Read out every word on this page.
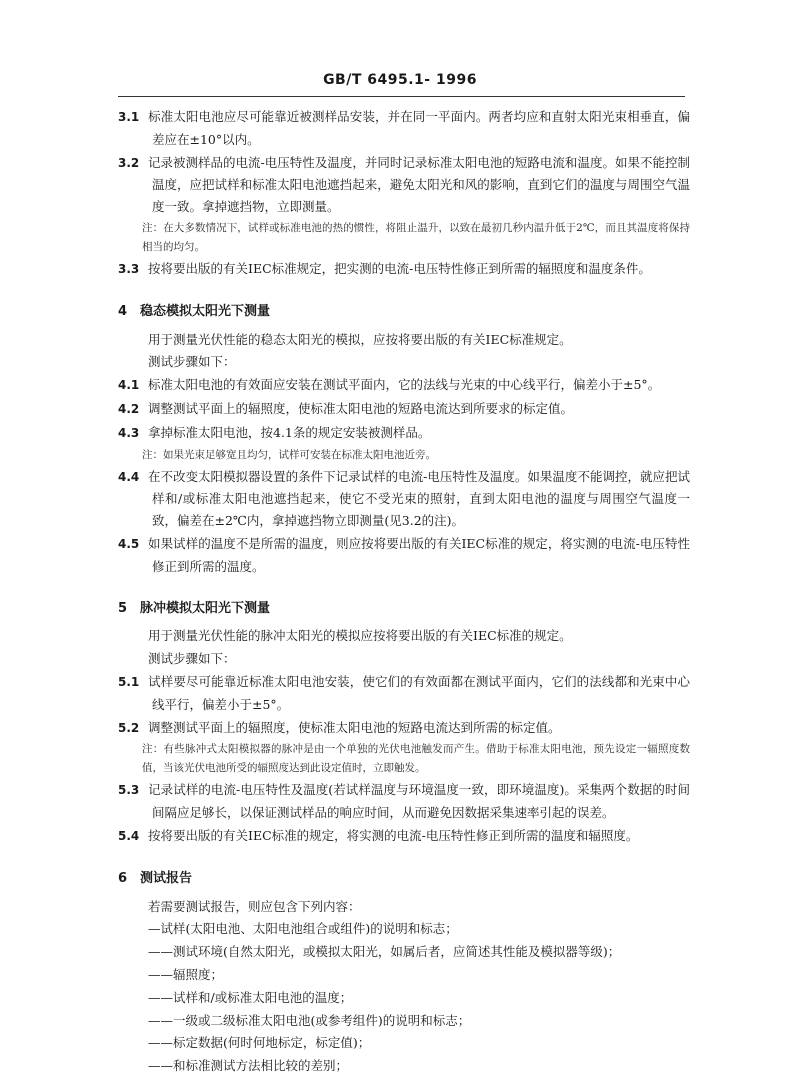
GB/T 6495.1- 1996

3.1 标准太阳电池应尽可能靠近被测样品安装，并在同一平面内。两者均应和直射太阳光束相垂直，偏差应在±10°以内。

3.2 记录被测样品的电流-电压特性及温度，并同时记录标准太阳电池的短路电流和温度。如果不能控制温度，应把试样和标准太阳电池遮挡起来，避免太阳光和风的影响，直到它们的温度与周围空气温度一致。拿掉遮挡物，立即测量。

注：在大多数情况下，试样或标准电池的热的惯性，将阻止温升，以致在最初几秒内温升低于2℃，而且其温度将保持相当的均匀。

3.3 按将要出版的有关IEC标准规定，把实测的电流-电压特性修正到所需的辐照度和温度条件。

4 稳态模拟太阳光下测量

用于测量光伏性能的稳态太阳光的模拟，应按将要出版的有关IEC标准规定。

测试步骤如下：

4.1 标准太阳电池的有效面应安装在测试平面内，它的法线与光束的中心线平行，偏差小于±5°。

4.2 调整测试平面上的辐照度，使标准太阳电池的短路电流达到所要求的标定值。

4.3 拿掉标准太阳电池，按4.1条的规定安装被测样品。

注：如果光束足够宽且均匀，试样可安装在标准太阳电池近旁。

4.4 在不改变太阳模拟器设置的条件下记录试样的电流-电压特性及温度。如果温度不能调控，就应把试样和/或标准太阳电池遮挡起来，使它不受光束的照射，直到太阳电池的温度与周围空气温度一致，偏差在±2℃内，拿掉遮挡物立即测量(见3.2的注)。

4.5 如果试样的温度不是所需的温度，则应按将要出版的有关IEC标准的规定，将实测的电流-电压特性修正到所需的温度。

5 脉冲模拟太阳光下测量

用于测量光伏性能的脉冲太阳光的模拟应按将要出版的有关IEC标准的规定。

测试步骤如下：

5.1 试样要尽可能靠近标准太阳电池安装，使它们的有效面都在测试平面内，它们的法线都和光束中心线平行，偏差小于±5°。

5.2 调整测试平面上的辐照度，使标准太阳电池的短路电流达到所需的标定值。

注：有些脉冲式太阳模拟器的脉冲是由一个单独的光伏电池触发而产生。借助于标准太阳电池，预先设定一辐照度数值，当该光伏电池所受的辐照度达到此设定值时，立即触发。

5.3 记录试样的电流-电压特性及温度(若试样温度与环境温度一致，即环境温度)。采集两个数据的时间间隔应足够长，以保证测试样品的响应时间，从而避免因数据采集速率引起的误差。

5.4 按将要出版的有关IEC标准的规定，将实测的电流-电压特性修正到所需的温度和辐照度。

6 测试报告

若需要测试报告，则应包含下列内容：

—试样(太阳电池、太阳电池组合或组件)的说明和标志；

——测试环境(自然太阳光，或模拟太阳光，如属后者，应简述其性能及模拟器等级)；

——辐照度；

——试样和/或标准太阳电池的温度；

——一级或二级标准太阳电池(或参考组件)的说明和标志；

——标定数据(何时何地标定，标定值)；

——和标准测试方法相比较的差别；
